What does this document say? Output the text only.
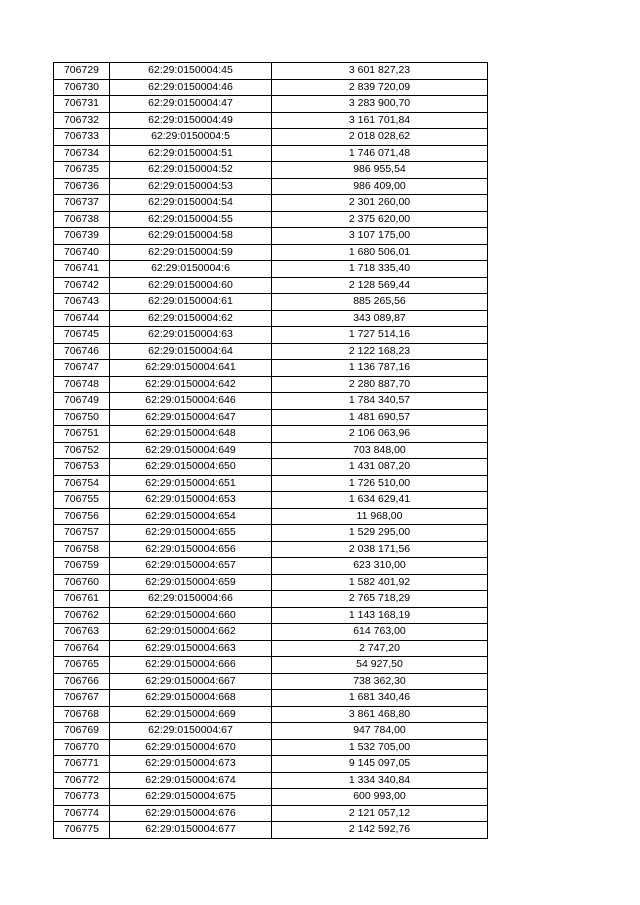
706729	62:29:0150004:45	3 601 827,23
706730	62:29:0150004:46	2 839 720,09
706731	62:29:0150004:47	3 283 900,70
706732	62:29:0150004:49	3 161 701,84
706733	62:29:0150004:5	2 018 028,62
706734	62:29:0150004:51	1 746 071,48
706735	62:29:0150004:52	986 955,54
706736	62:29:0150004:53	986 409,00
706737	62:29:0150004:54	2 301 260,00
706738	62:29:0150004:55	2 375 620,00
706739	62:29:0150004:58	3 107 175,00
706740	62:29:0150004:59	1 680 506,01
706741	62:29:0150004:6	1 718 335,40
706742	62:29:0150004:60	2 128 569,44
706743	62:29:0150004:61	885 265,56
706744	62:29:0150004:62	343 089,87
706745	62:29:0150004:63	1 727 514,16
706746	62:29:0150004:64	2 122 168,23
706747	62:29:0150004:641	1 136 787,16
706748	62:29:0150004:642	2 280 887,70
706749	62:29:0150004:646	1 784 340,57
706750	62:29:0150004:647	1 481 690,57
706751	62:29:0150004:648	2 106 063,96
706752	62:29:0150004:649	703 848,00
706753	62:29:0150004:650	1 431 087,20
706754	62:29:0150004:651	1 726 510,00
706755	62:29:0150004:653	1 634 629,41
706756	62:29:0150004:654	11 968,00
706757	62:29:0150004:655	1 529 295,00
706758	62:29:0150004:656	2 038 171,56
706759	62:29:0150004:657	623 310,00
706760	62:29:0150004:659	1 582 401,92
706761	62:29:0150004:66	2 765 718,29
706762	62:29:0150004:660	1 143 168,19
706763	62:29:0150004:662	614 763,00
706764	62:29:0150004:663	2 747,20
706765	62:29:0150004:666	54 927,50
706766	62:29:0150004:667	738 362,30
706767	62:29:0150004:668	1 681 340,46
706768	62:29:0150004:669	3 861 468,80
706769	62:29:0150004:67	947 784,00
706770	62:29:0150004:670	1 532 705,00
706771	62:29:0150004:673	9 145 097,05
706772	62:29:0150004:674	1 334 340,84
706773	62:29:0150004:675	600 993,00
706774	62:29:0150004:676	2 121 057,12
706775	62:29:0150004:677	2 142 592,76
